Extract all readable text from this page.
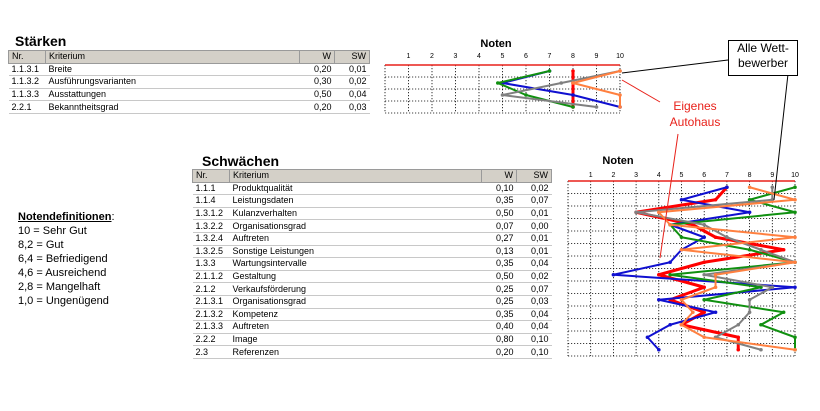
Stärken
Nr.	Kriterium	W	SW
1.1.3.1	Breite	0,20	0,01
1.1.3.2	Ausführungsvarianten	0,30	0,02
1.1.3.3	Ausstattungen	0,50	0,04
2.2.1	Bekanntheitsgrad	0,20	0,03
Noten
1	2	3	4	5	6	7	8	9	10
Schwächen
Nr.	Kriterium	W	SW
1.1.1	Produktqualität	0,10	0,02
1.1.4	Leistungsdaten	0,35	0,07
1.3.1.2	Kulanzverhalten	0,50	0,01
1.3.2.2	Organisationsgrad	0,07	0,00
1.3.2.4	Auftreten	0,27	0,01
1.3.2.5	Sonstige Leistungen	0,13	0,01
1.3.3	Wartungsintervalle	0,35	0,04
2.1.1.2	Gestaltung	0,50	0,02
2.1.2	Verkaufsförderung	0,25	0,07
2.1.3.1	Organisationsgrad	0,25	0,03
2.1.3.2	Kompetenz	0,35	0,04
2.1.3.3	Auftreten	0,40	0,04
2.2.2	Image	0,80	0,10
2.3	Referenzen	0,20	0,10
Noten
1	2	3	4	5	6	7	8	9 10
Notendefinitionen:
10 = Sehr Gut
8,2 = Gut
6,4 = Befriedigend
4,6 = Ausreichend
2,8 = Mangelhaft
1,0 = Ungenügend
Alle Wett-
bewerber
Eigenes
Autohaus
